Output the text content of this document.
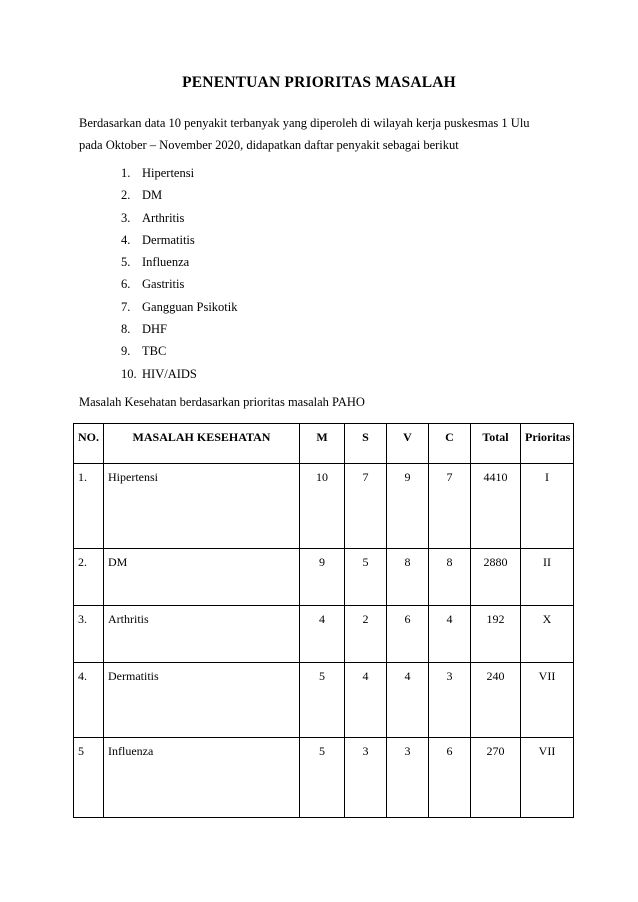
PENENTUAN PRIORITAS MASALAH
Berdasarkan data 10 penyakit terbanyak yang diperoleh di wilayah kerja puskesmas 1 Ulu
pada Oktober – November 2020, didapatkan daftar penyakit sebagai berikut
1. Hipertensi
2. DM
3. Arthritis
4. Dermatitis
5. Influenza
6. Gastritis
7. Gangguan Psikotik
8. DHF
9. TBC
10. HIV/AIDS
Masalah Kesehatan berdasarkan prioritas masalah PAHO
NO.	MASALAH KESEHATAN	M	S	V	C	Total	Prioritas
1.	Hipertensi	10	7	9	7	4410	I
2.	DM	9	5	8	8	2880	II
3.	Arthritis	4	2	6	4	192	X
4.	Dermatitis	5	4	4	3	240	VII
5	Influenza	5	3	3	6	270	VII
